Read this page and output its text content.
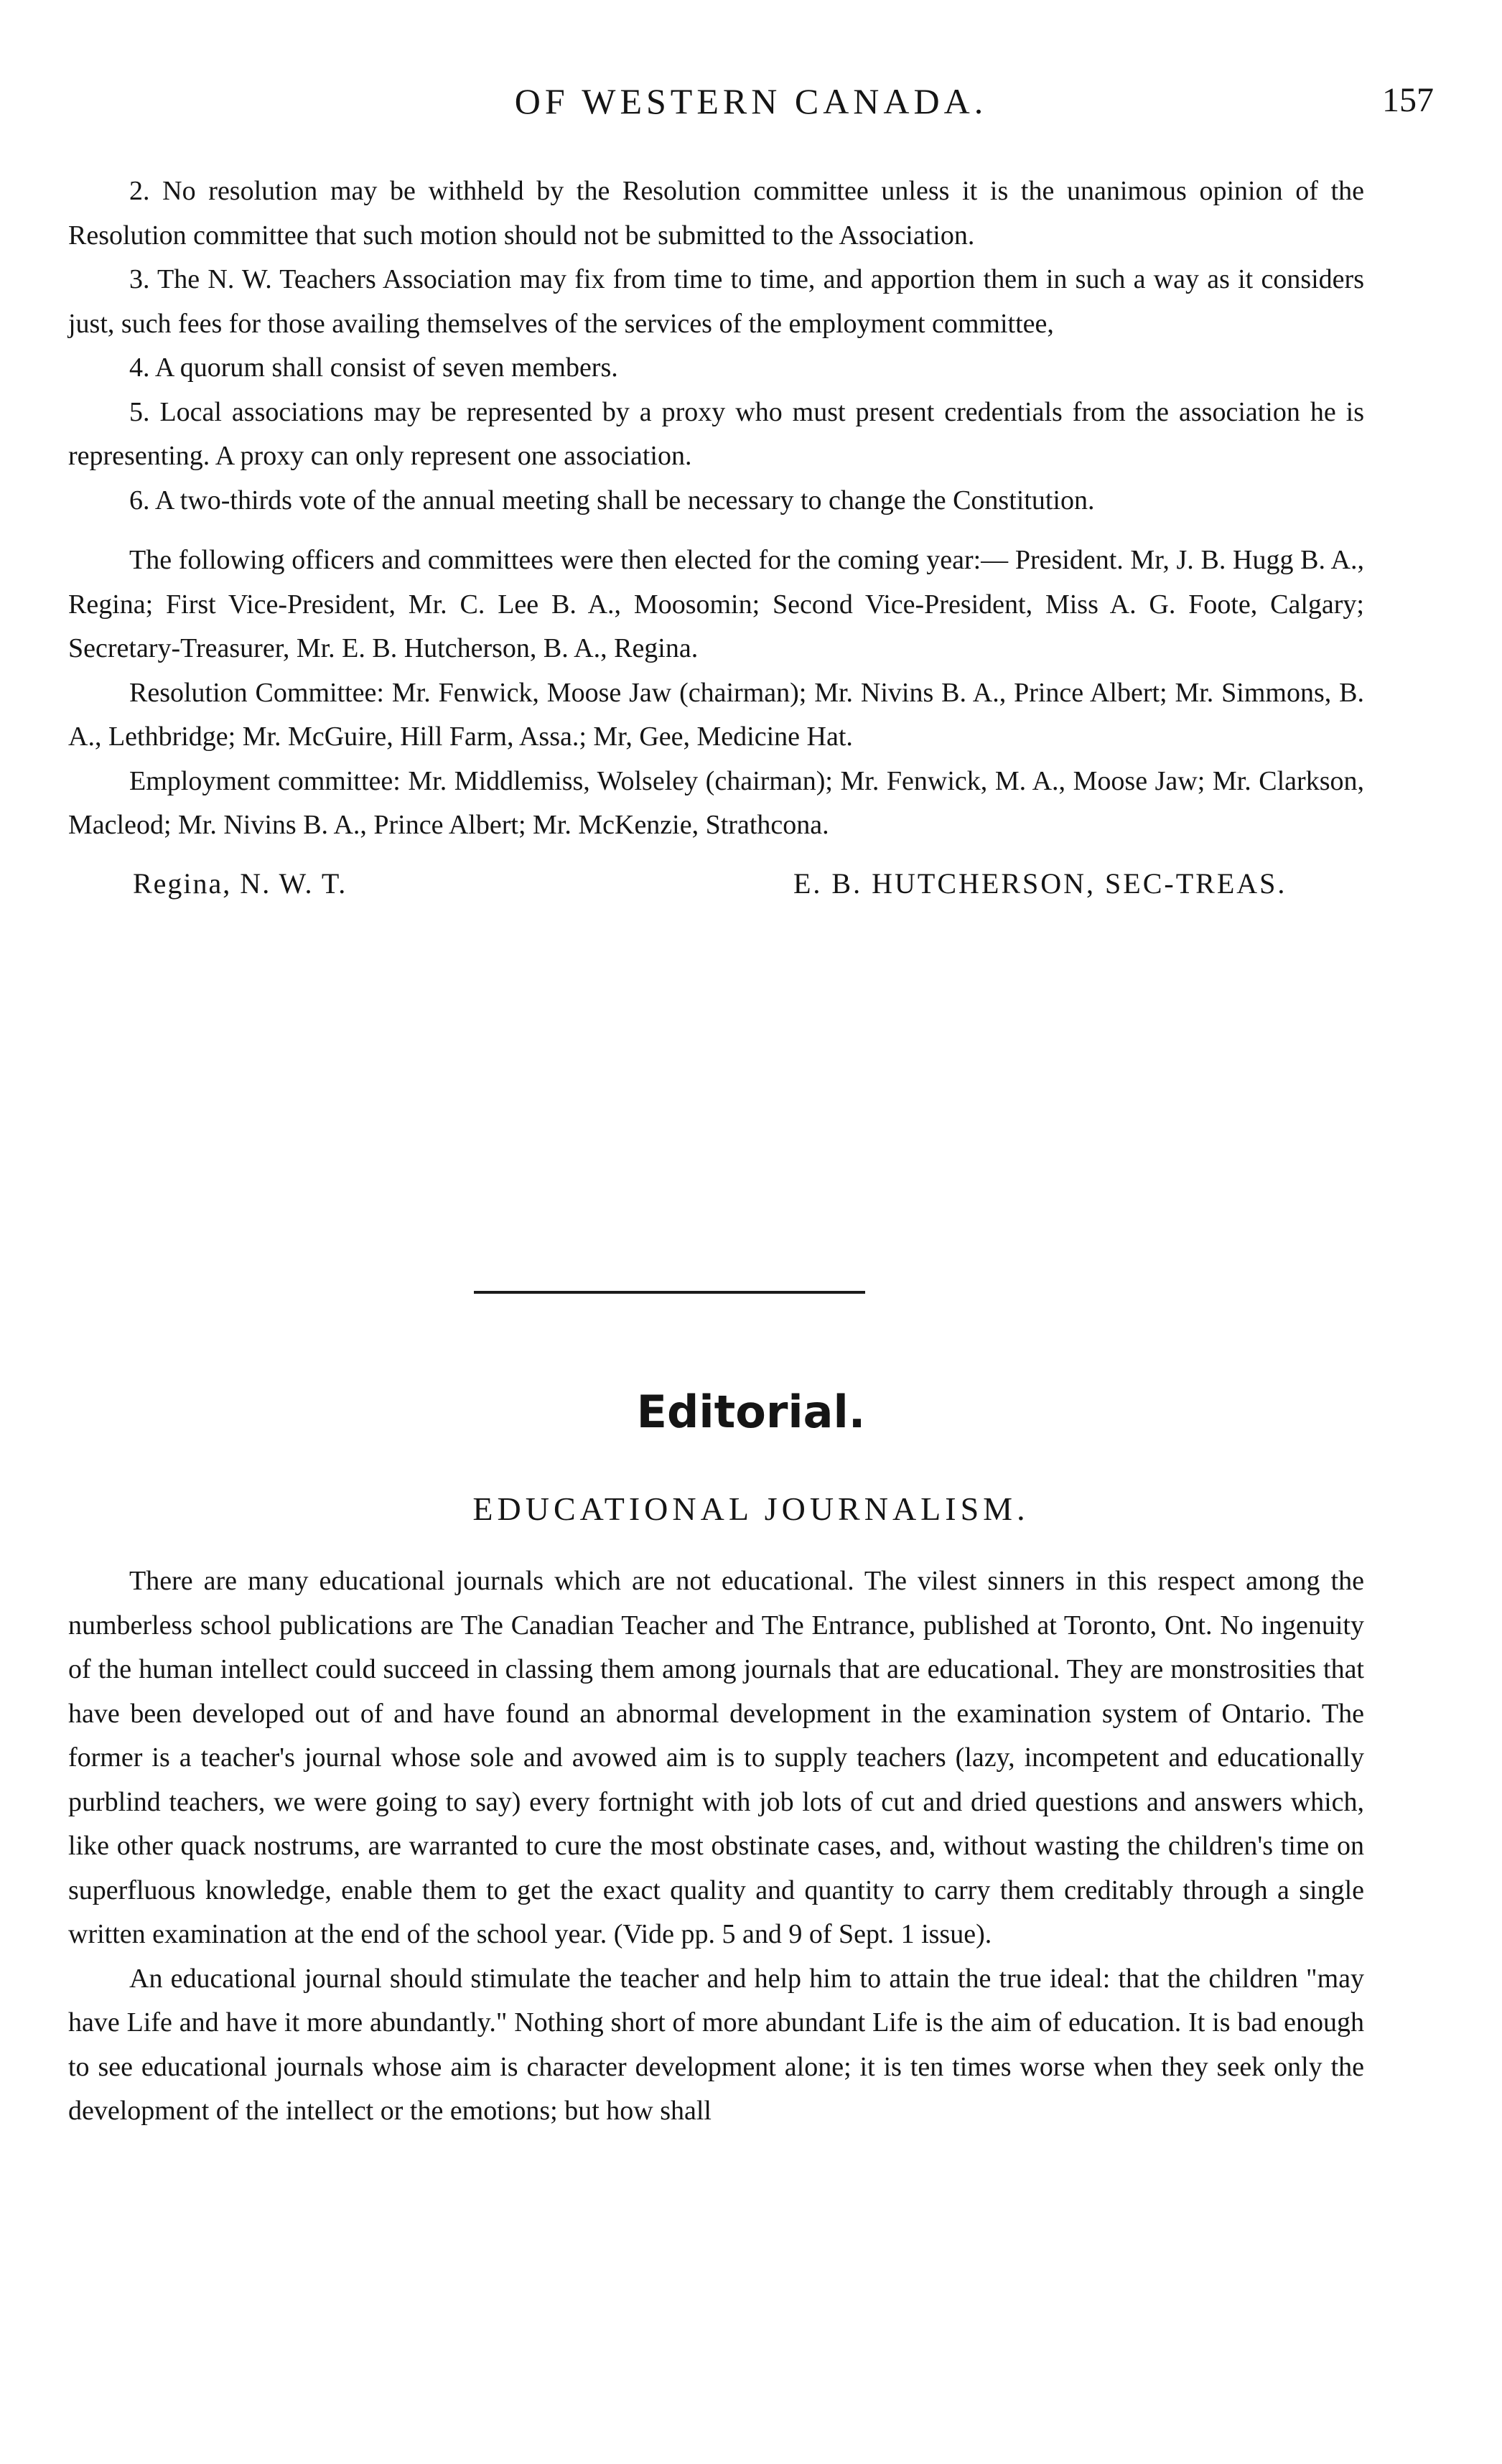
OF WESTERN CANADA.	157

2. No resolution may be withheld by the Resolution committee unless it is the unanimous opinion of the Resolution committee that such motion should not be submitted to the Association.

3. The N. W. Teachers Association may fix from time to time, and apportion them in such a way as it considers just, such fees for those availing themselves of the services of the employment committee,

4. A quorum shall consist of seven members.

5. Local associations may be represented by a proxy who must present credentials from the association he is representing. A proxy can only represent one association.

6. A two-thirds vote of the annual meeting shall be necessary to change the Constitution.

The following officers and committees were then elected for the coming year:— President. Mr, J. B. Hugg B. A., Regina; First Vice-President, Mr. C. Lee B. A., Moosomin; Second Vice-President, Miss A. G. Foote, Calgary; Secretary-Treasurer, Mr. E. B. Hutcherson, B. A., Regina.

Resolution Committee: Mr. Fenwick, Moose Jaw (chairman); Mr. Nivins B. A., Prince Albert; Mr. Simmons, B. A., Lethbridge; Mr. McGuire, Hill Farm, Assa.; Mr, Gee, Medicine Hat.

Employment committee: Mr. Middlemiss, Wolseley (chairman); Mr. Fenwick, M. A., Moose Jaw; Mr. Clarkson, Macleod; Mr. Nivins B. A., Prince Albert; Mr. McKenzie, Strathcona.

Regina, N. W. T.	E. B. HUTCHERSON, SEC-TREAS.
Editorial.
EDUCATIONAL JOURNALISM.

There are many educational journals which are not educational. The vilest sinners in this respect among the numberless school publications are The Canadian Teacher and The Entrance, published at Toronto, Ont. No ingenuity of the human intellect could succeed in classing them among journals that are educational. They are monstrosities that have been developed out of and have found an abnormal development in the examination system of Ontario. The former is a teacher's journal whose sole and avowed aim is to supply teachers (lazy, incompetent and educationally purblind teachers, we were going to say) every fortnight with job lots of cut and dried questions and answers which, like other quack nostrums, are warranted to cure the most obstinate cases, and, without wasting the children's time on superfluous knowledge, enable them to get the exact quality and quantity to carry them creditably through a single written examination at the end of the school year. (Vide pp. 5 and 9 of Sept. 1 issue).

An educational journal should stimulate the teacher and help him to attain the true ideal: that the children "may have Life and have it more abundantly." Nothing short of more abundant Life is the aim of education. It is bad enough to see educational journals whose aim is character development alone; it is ten times worse when they seek only the development of the intellect or the emotions; but how shall
